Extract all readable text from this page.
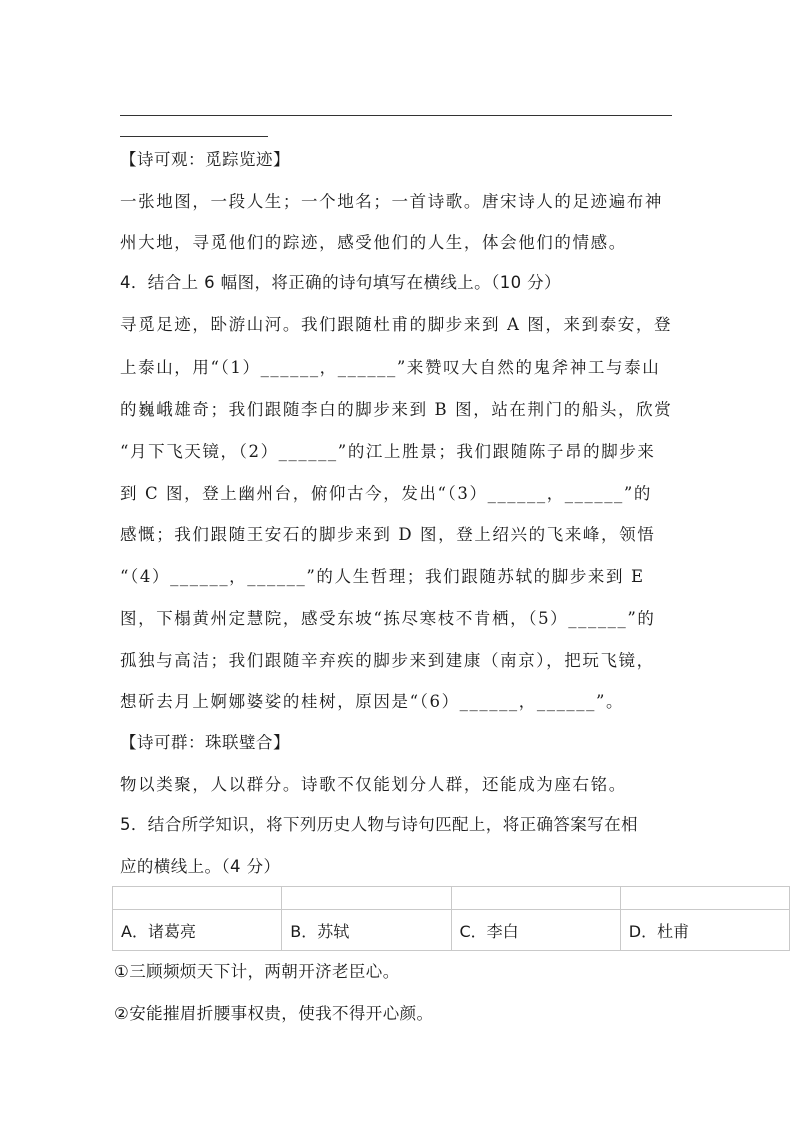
【诗可观：觅踪览迹】
一张地图，一段人生；一个地名；一首诗歌。唐宋诗人的足迹遍布神
州大地，寻觅他们的踪迹，感受他们的人生，体会他们的情感。
4．结合上 6 幅图，将正确的诗句填写在横线上。（10 分）
寻觅足迹，卧游山河。我们跟随杜甫的脚步来到 A 图，来到泰安，登
上泰山，用“（1）______，______”来赞叹大自然的鬼斧神工与泰山
的巍峨雄奇；我们跟随李白的脚步来到 B 图，站在荆门的船头，欣赏
“月下飞天镜，（2）______”的江上胜景；我们跟随陈子昂的脚步来
到 C 图，登上幽州台，俯仰古今，发出“（3）______，______”的
感慨；我们跟随王安石的脚步来到 D 图，登上绍兴的飞来峰，领悟
“（4）______，______”的人生哲理；我们跟随苏轼的脚步来到 E
图，下榻黄州定慧院，感受东坡“拣尽寒枝不肯栖，（5）______”的
孤独与高洁；我们跟随辛弃疾的脚步来到建康（南京），把玩飞镜，
想斫去月上婀娜婆娑的桂树，原因是“（6）______，______”。
【诗可群：珠联璧合】
物以类聚，人以群分。诗歌不仅能划分人群，还能成为座右铭。
5．结合所学知识，将下列历史人物与诗句匹配上，将正确答案写在相
应的横线上。（4 分）

A．诸葛亮	B．苏轼	C．李白	D．杜甫
①三顾频烦天下计，两朝开济老臣心。
②安能摧眉折腰事权贵，使我不得开心颜。
